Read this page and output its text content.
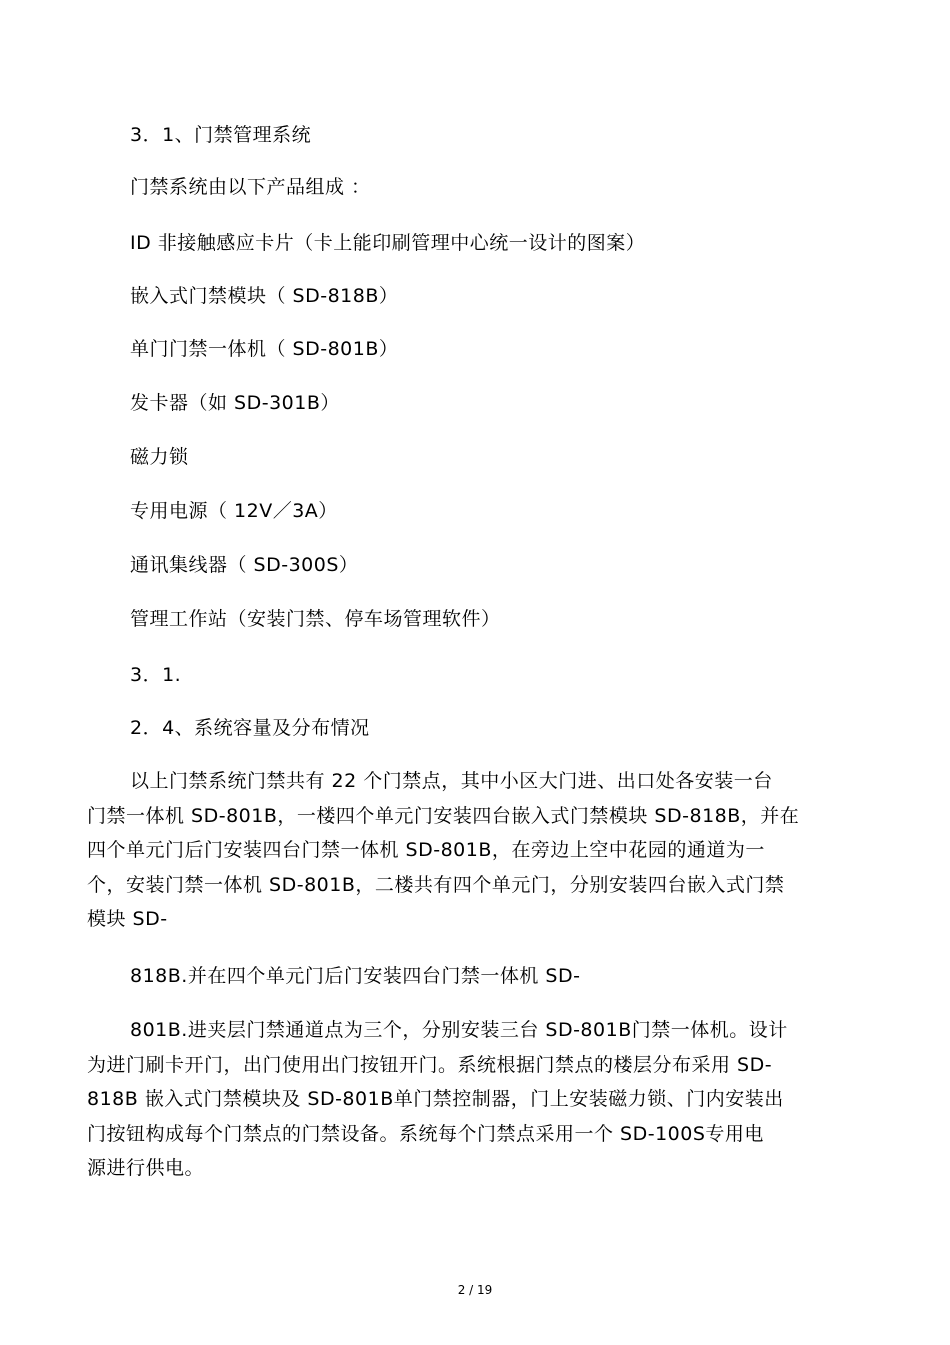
3．1、门禁管理系统
门禁系统由以下产品组成 ：
ID 非接触感应卡片（卡上能印刷管理中心统一设计的图案）
嵌入式门禁模块（ SD-818B）
单门门禁一体机（ SD-801B）
发卡器（如 SD-301B）
磁力锁
专用电源（ 12V／3A）
通讯集线器（ SD-300S）
管理工作站（安装门禁、停车场管理软件）
3．1.
2．4、系统容量及分布情况
以上门禁系统门禁共有 22 个门禁点，其中小区大门进、出口处各安装一台
门禁一体机 SD-801B，一楼四个单元门安装四台嵌入式门禁模块 SD-818B，并在
四个单元门后门安装四台门禁一体机 SD-801B，在旁边上空中花园的通道为一
个，安装门禁一体机 SD-801B，二楼共有四个单元门，分别安装四台嵌入式门禁
模块 SD-
818B.并在四个单元门后门安装四台门禁一体机 SD-
801B.进夹层门禁通道点为三个，分别安装三台 SD-801B门禁一体机。设计
为进门刷卡开门，出门使用出门按钮开门。系统根据门禁点的楼层分布采用 SD-
818B 嵌入式门禁模块及 SD-801B单门禁控制器，门上安装磁力锁、门内安装出
门按钮构成每个门禁点的门禁设备。系统每个门禁点采用一个 SD-100S专用电
源进行供电。
2 / 19
